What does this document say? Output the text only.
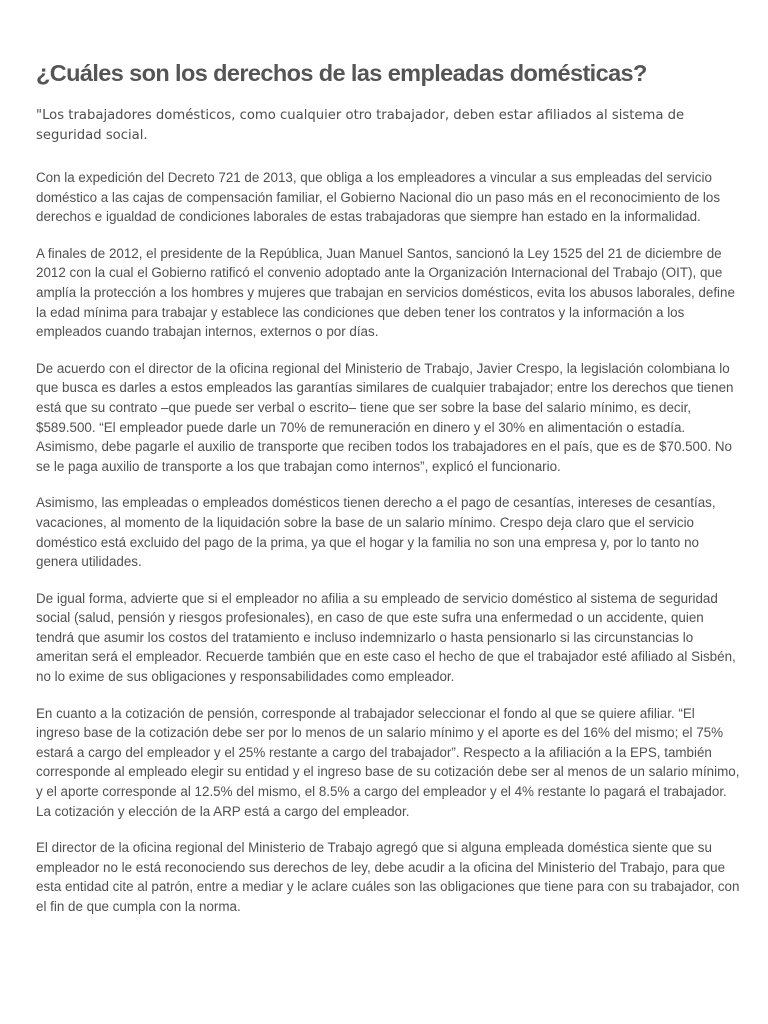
¿Cuáles son los derechos de las empleadas domésticas?

"Los trabajadores domésticos, como cualquier otro trabajador, deben estar afiliados al sistema de seguridad social.

Con la expedición del Decreto 721 de 2013, que obliga a los empleadores a vincular a sus empleadas del servicio doméstico a las cajas de compensación familiar, el Gobierno Nacional dio un paso más en el reconocimiento de los derechos e igualdad de condiciones laborales de estas trabajadoras que siempre han estado en la informalidad.

A finales de 2012, el presidente de la República, Juan Manuel Santos, sancionó la Ley 1525 del 21 de diciembre de 2012 con la cual el Gobierno ratificó el convenio adoptado ante la Organización Internacional del Trabajo (OIT), que amplía la protección a los hombres y mujeres que trabajan en servicios domésticos, evita los abusos laborales, define la edad mínima para trabajar y establece las condiciones que deben tener los contratos y la información a los empleados cuando trabajan internos, externos o por días.

De acuerdo con el director de la oficina regional del Ministerio de Trabajo, Javier Crespo, la legislación colombiana lo que busca es darles a estos empleados las garantías similares de cualquier trabajador; entre los derechos que tienen está que su contrato –que puede ser verbal o escrito– tiene que ser sobre la base del salario mínimo, es decir, $589.500. “El empleador puede darle un 70% de remuneración en dinero y el 30% en alimentación o estadía. Asimismo, debe pagarle el auxilio de transporte que reciben todos los trabajadores en el país, que es de $70.500. No se le paga auxilio de transporte a los que trabajan como internos”, explicó el funcionario.

Asimismo, las empleadas o empleados domésticos tienen derecho a el pago de cesantías, intereses de cesantías, vacaciones, al momento de la liquidación sobre la base de un salario mínimo. Crespo deja claro que el servicio doméstico está excluido del pago de la prima, ya que el hogar y la familia no son una empresa y, por lo tanto no genera utilidades.

De igual forma, advierte que si el empleador no afilia a su empleado de servicio doméstico al sistema de seguridad social (salud, pensión y riesgos profesionales), en caso de que este sufra una enfermedad o un accidente, quien tendrá que asumir los costos del tratamiento e incluso indemnizarlo o hasta pensionarlo si las circunstancias lo ameritan será el empleador. Recuerde también que en este caso el hecho de que el trabajador esté afiliado al Sisbén, no lo exime de sus obligaciones y responsabilidades como empleador.

En cuanto a la cotización de pensión, corresponde al trabajador seleccionar el fondo al que se quiere afiliar. “El ingreso base de la cotización debe ser por lo menos de un salario mínimo y el aporte es del 16% del mismo; el 75% estará a cargo del empleador y el 25% restante a cargo del trabajador”. Respecto a la afiliación a la EPS, también corresponde al empleado elegir su entidad y el ingreso base de su cotización debe ser al menos de un salario mínimo, y el aporte corresponde al 12.5% del mismo, el 8.5% a cargo del empleador y el 4% restante lo pagará el trabajador. La cotización y elección de la ARP está a cargo del empleador.

El director de la oficina regional del Ministerio de Trabajo agregó que si alguna empleada doméstica siente que su empleador no le está reconociendo sus derechos de ley, debe acudir a la oficina del Ministerio del Trabajo, para que esta entidad cite al patrón, entre a mediar y le aclare cuáles son las obligaciones que tiene para con su trabajador, con el fin de que cumpla con la norma.
